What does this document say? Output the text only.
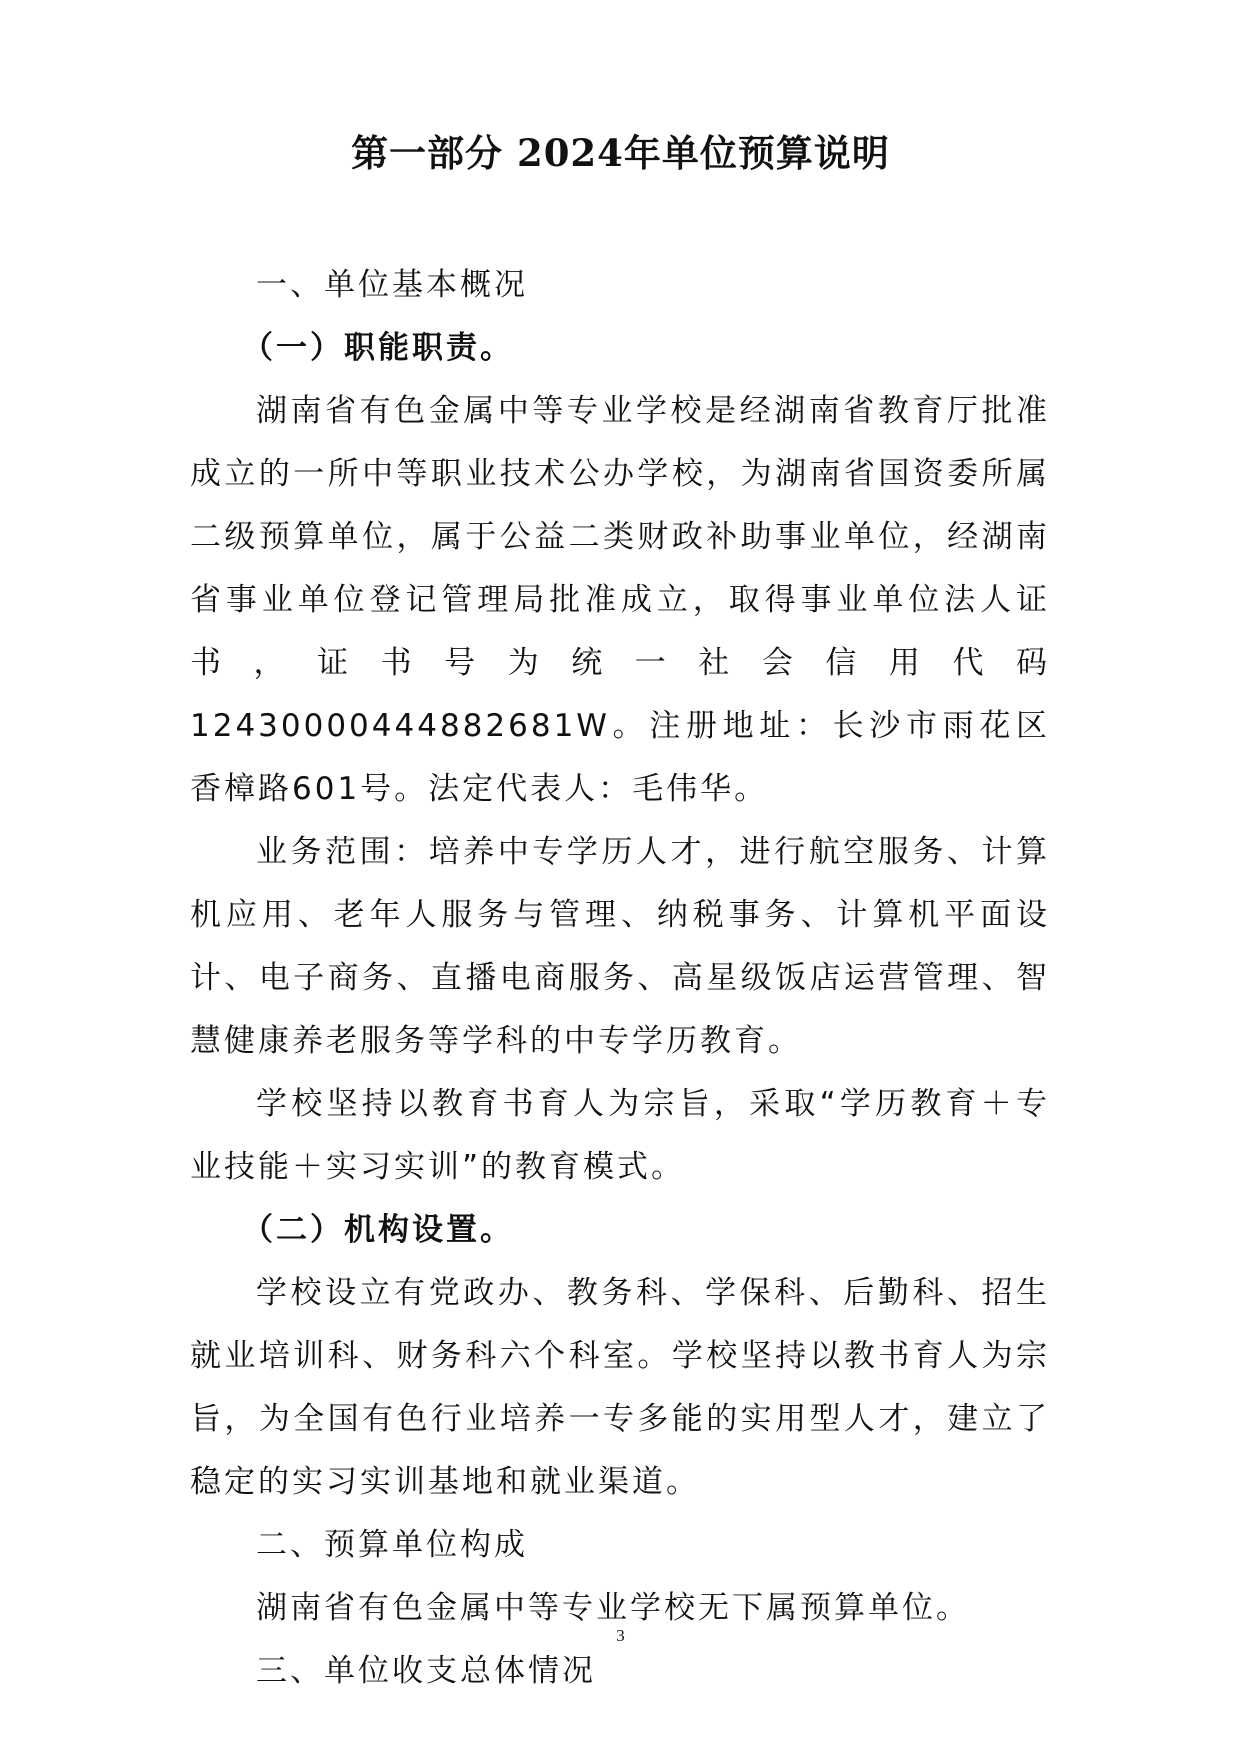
第一部分 2024年单位预算说明
一、单位基本概况
（一）职能职责。

湖南省有色金属中等专业学校是经湖南省教育厅批准成立的一所中等职业技术公办学校，为湖南省国资委所属二级预算单位，属于公益二类财政补助事业单位，经湖南省事业单位登记管理局批准成立，取得事业单位法人证书，证书号为统一社会信用代码12430000444882681W。注册地址：长沙市雨花区香樟路601号。法定代表人：毛伟华。

业务范围：培养中专学历人才，进行航空服务、计算机应用、老年人服务与管理、纳税事务、计算机平面设计、电子商务、直播电商服务、高星级饭店运营管理、智慧健康养老服务等学科的中专学历教育。

学校坚持以教育书育人为宗旨，采取“学历教育＋专业技能＋实习实训”的教育模式。

（二）机构设置。

学校设立有党政办、教务科、学保科、后勤科、招生就业培训科、财务科六个科室。学校坚持以教书育人为宗旨，为全国有色行业培养一专多能的实用型人才，建立了稳定的实习实训基地和就业渠道。

二、预算单位构成

湖南省有色金属中等专业学校无下属预算单位。

三、单位收支总体情况

3
